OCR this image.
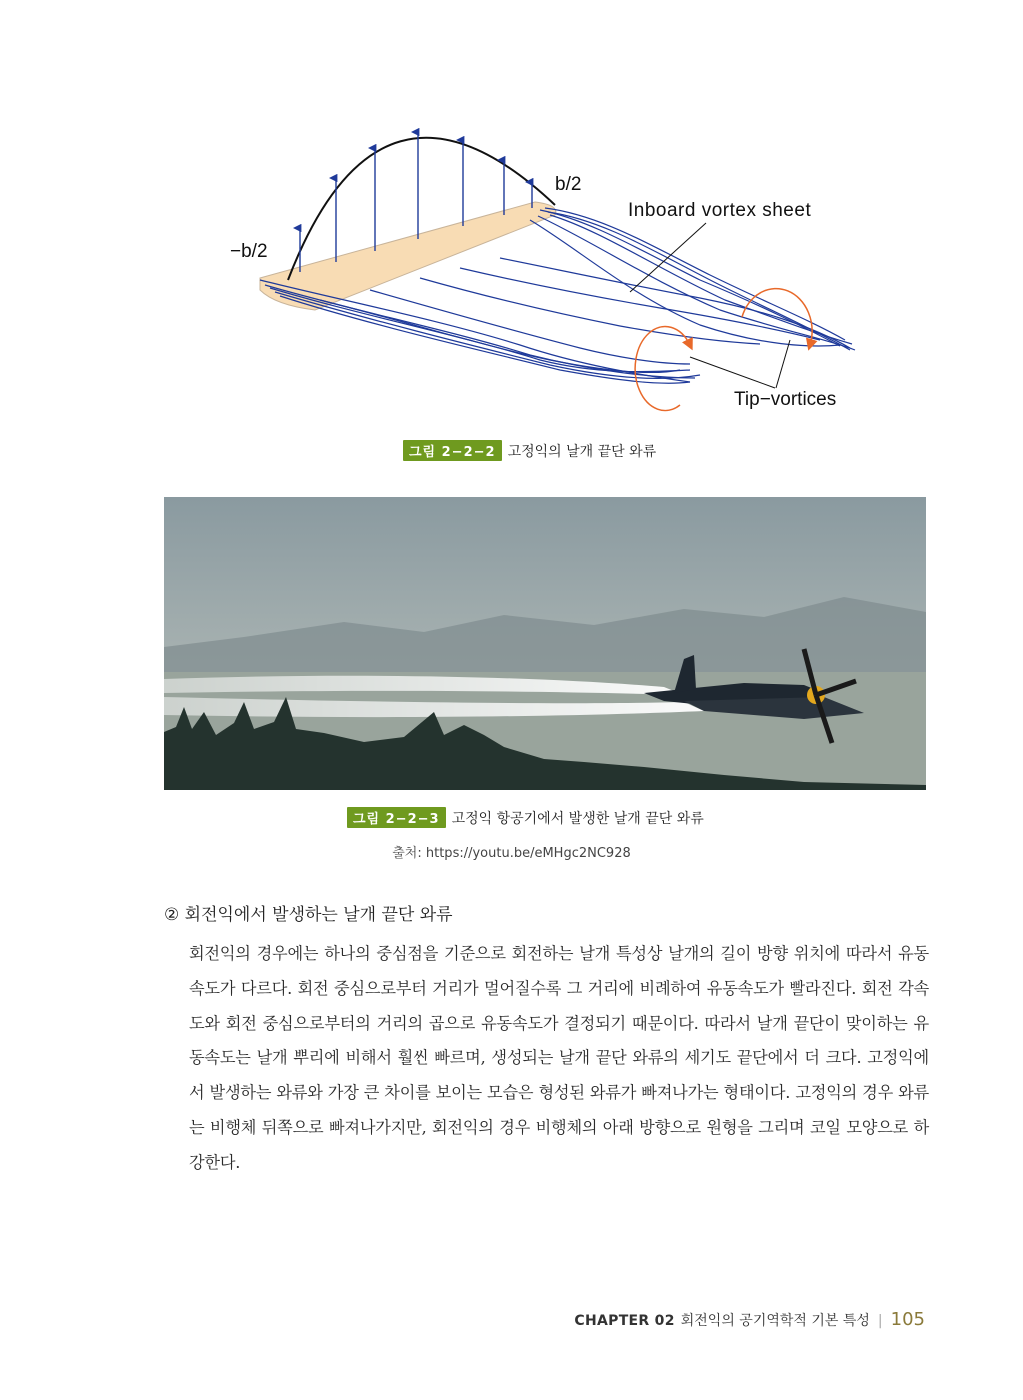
−b/2
b/2
Inboard vortex sheet
Tip−vortices
그림 2−2−2 고정익의 날개 끝단 와류
그림 2−2−3 고정익 항공기에서 발생한 날개 끝단 와류
출처: https://youtu.be/eMHgc2NC928
② 회전익에서 발생하는 날개 끝단 와류

회전익의 경우에는 하나의 중심점을 기준으로 회전하는 날개 특성상 날개의 길이 방향 위치에 따라서 유동속도가 다르다. 회전 중심으로부터 거리가 멀어질수록 그 거리에 비례하여 유동속도가 빨라진다. 회전 각속도와 회전 중심으로부터의 거리의 곱으로 유동속도가 결정되기 때문이다. 따라서 날개 끝단이 맞이하는 유동속도는 날개 뿌리에 비해서 훨씬 빠르며, 생성되는 날개 끝단 와류의 세기도 끝단에서 더 크다. 고정익에서 발생하는 와류와 가장 큰 차이를 보이는 모습은 형성된 와류가 빠져나가는 형태이다. 고정익의 경우 와류는 비행체 뒤쪽으로 빠져나가지만, 회전익의 경우 비행체의 아래 방향으로 원형을 그리며 코일 모양으로 하강한다.

CHAPTER 02 회전익의 공기역학적 기본 특성 | 105
